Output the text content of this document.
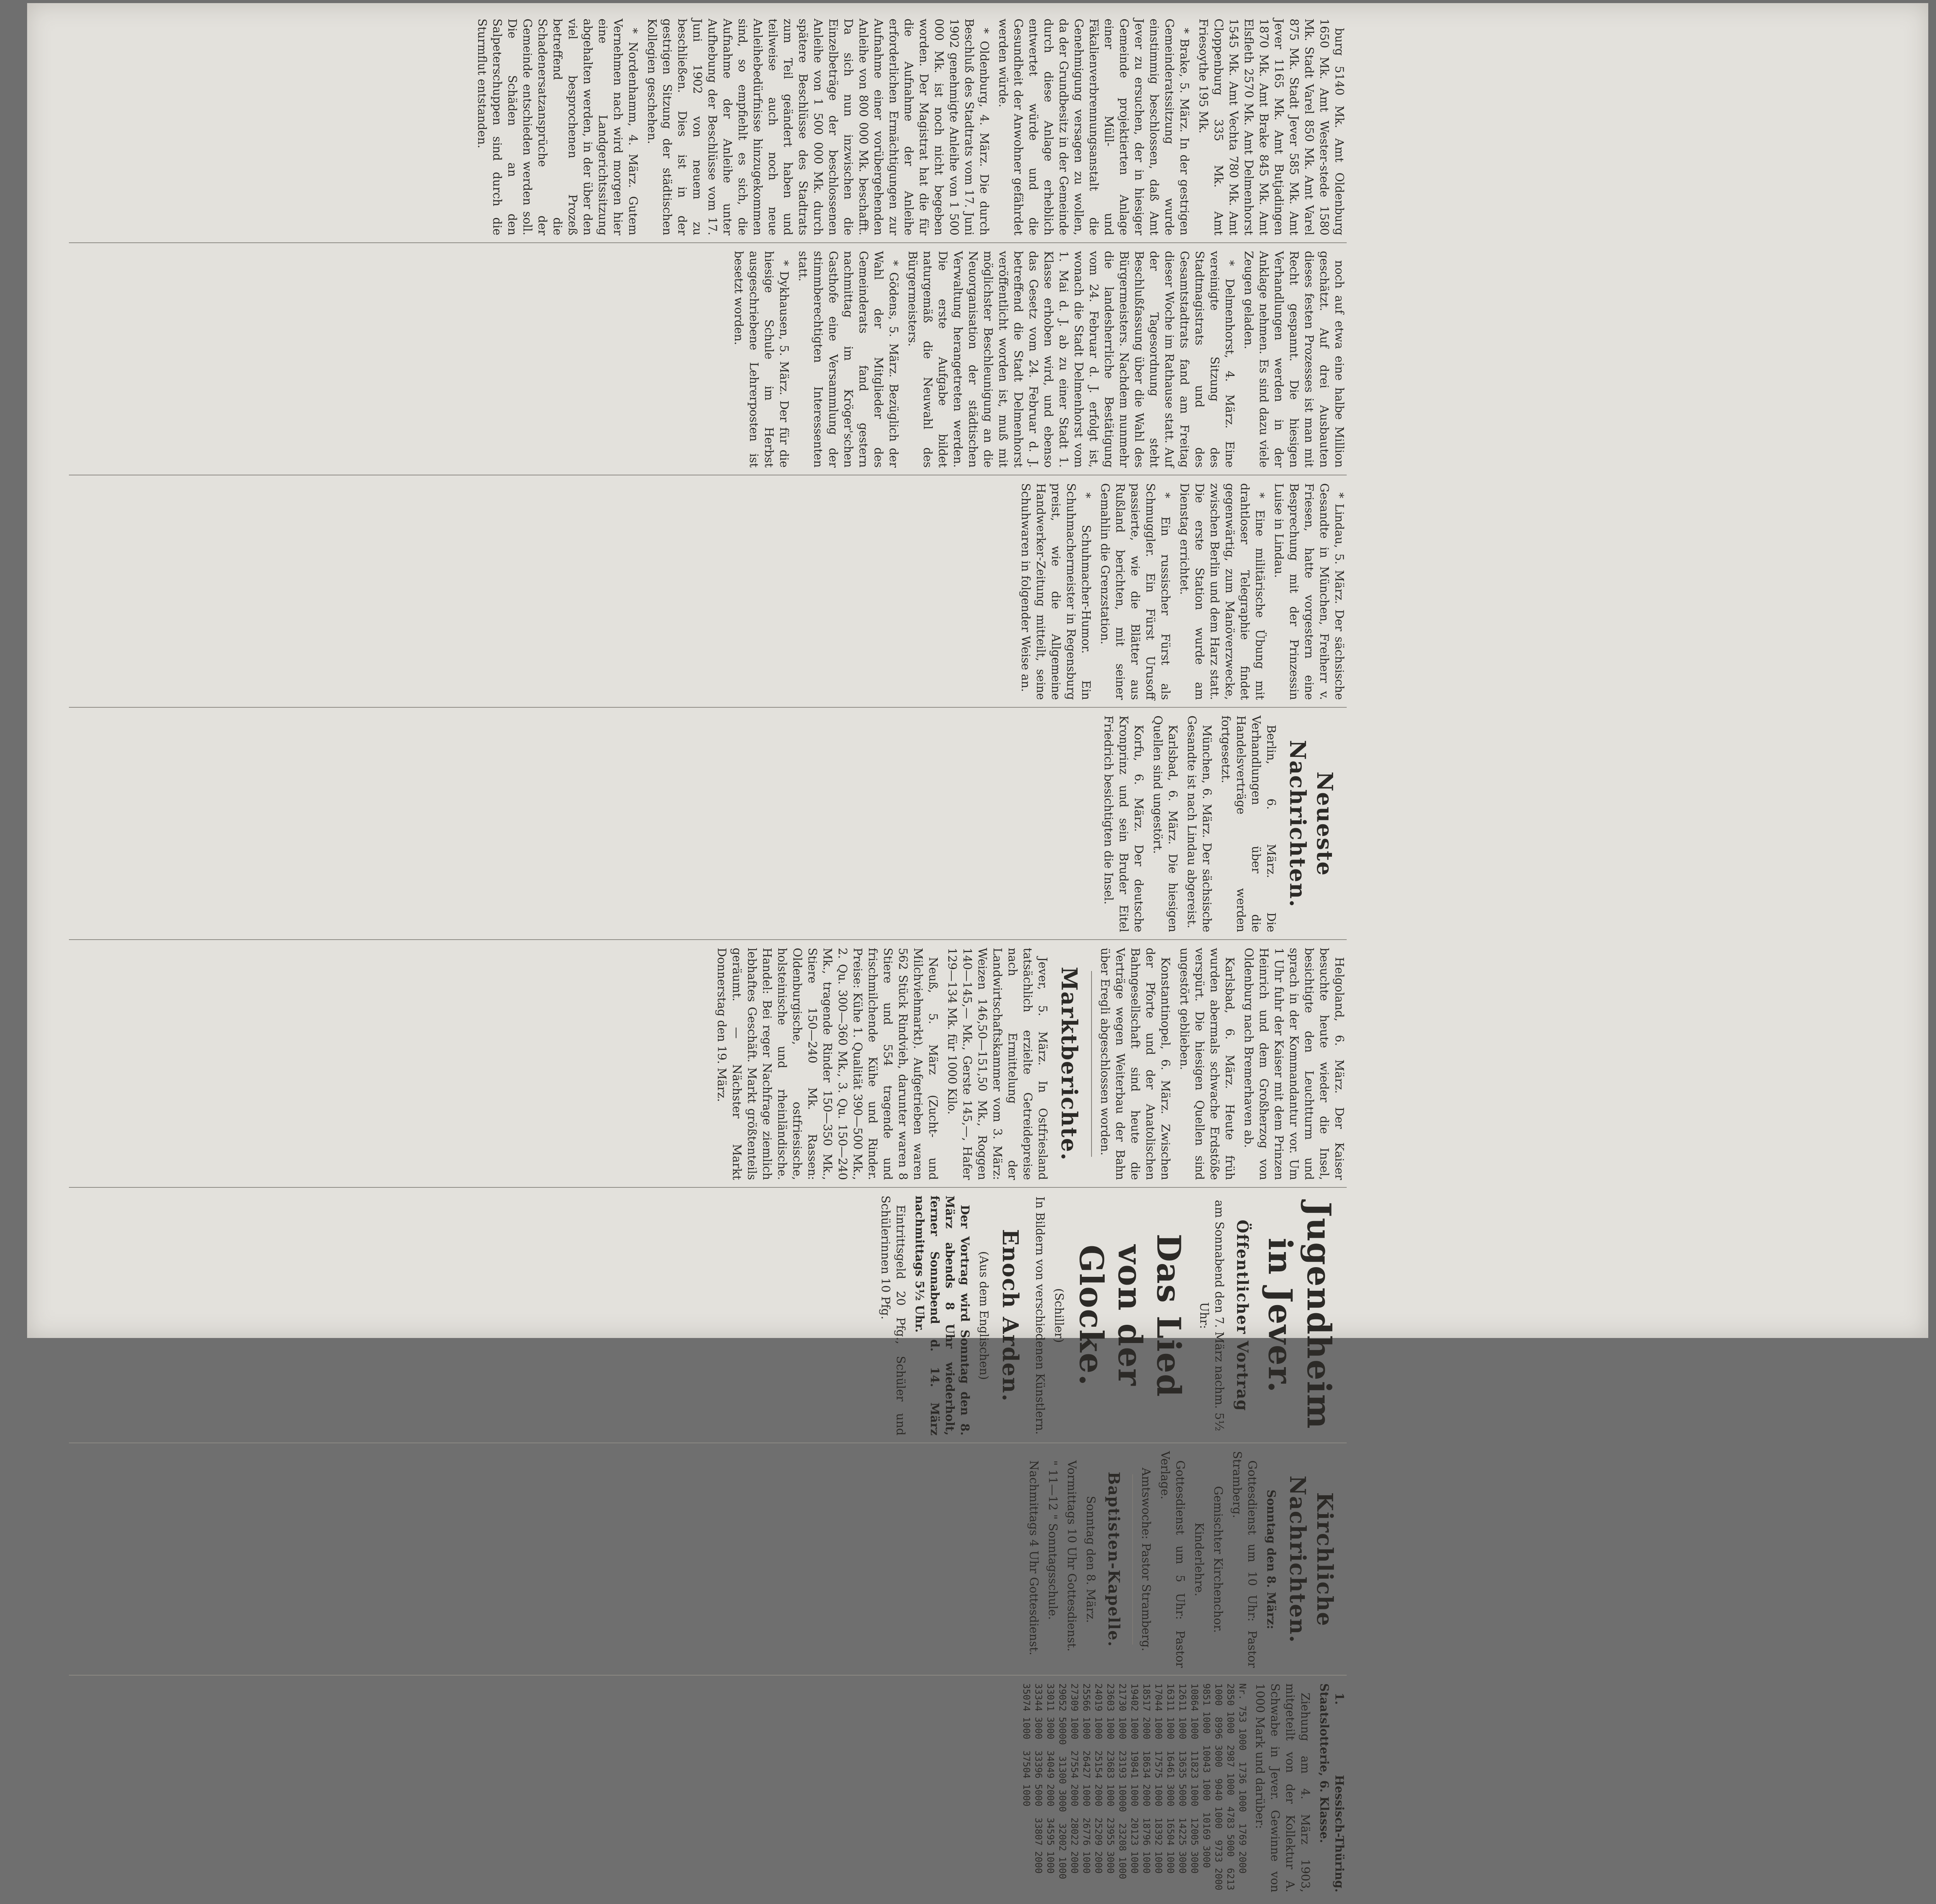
burg 5140 Mk. Amt Oldenburg 1650 Mk. Amt Wester-stede 1580 Mk. Stadt Varel 850 Mk. Amt Varel 875 Mk. Stadt Jever 585 Mk. Amt Jever 1165 Mk. Amt Butjadingen 1870 Mk. Amt Brake 845 Mk. Amt Elsfleth 2570 Mk. Amt Delmenhorst 1545 Mk. Amt Vechta 780 Mk. Amt Cloppenburg 335 Mk. Amt Friesoythe 195 Mk.

* Brake, 5. März. In der gestrigen Gemeinderatssitzung wurde einstimmig beschlossen, daß Amt Jever zu ersuchen, der in hiesiger Gemeinde projektierten Anlage einer Müll- und Fäkalienverbrennungsanstalt die Genehmigung versagen zu wollen, da der Grundbesitz in der Gemeinde durch diese Anlage erheblich entwertet würde und die Gesundheit der Anwohner gefährdet werden würde.

* Oldenburg, 4. März. Die durch Beschluß des Stadtrats vom 17. Juni 1902 genehmigte Anleihe von 1 500 000 Mk. ist noch nicht begeben worden. Der Magistrat hat die für die Aufnahme der Anleihe erforderlichen Ermächtigungen zur Aufnahme einer vorübergehenden Anleihe von 800 000 Mk. beschafft. Da sich nun inzwischen die Einzelbeträge der beschlossenen Anleihe von 1 500 000 Mk. durch spätere Beschlüsse des Stadtrats zum Teil geändert haben und teilweise auch noch neue Anleihebedürfnisse hinzugekommen sind, so empfiehlt es sich, die Aufnahme der Anleihe unter Aufhebung der Beschlüsse vom 17. Juni 1902 von neuem zu beschließen. Dies ist in der gestrigen Sitzung der städtischen Kollegien geschehen.

* Nordenhamm, 4. März. Gutem Vernehmen nach wird morgen hier eine Landgerichtssitzung abgehalten werden, in der über den viel besprochenen Prozeß betreffend die Schadenersatzansprüche der Gemeinde entschieden werden soll. Die Schäden an den Salpeterschuppen sind durch die Sturmflut entstanden.

noch auf etwa eine halbe Million geschätzt. Auf drei Ausbauten dieses festen Prozesses ist man mit Recht gespannt. Die hiesigen Verhandlungen werden in der Anklage nehmen. Es sind dazu viele Zeugen geladen.

* Delmenhorst, 4. März. Eine vereinigte Sitzung des Stadtmagistrats und des Gesamtstadtrats fand am Freitag dieser Woche im Rathause statt. Auf der Tagesordnung steht Beschlußfassung über die Wahl des Bürgermeisters. Nachdem nunmehr die landesherrliche Bestätigung vom 24. Februar d. J. erfolgt ist, wonach die Stadt Delmenhorst vom 1. Mai d. J. ab zu einer Stadt 1. Klasse erhoben wird, und ebenso das Gesetz vom 24. Februar d. J. betreffend die Stadt Delmenhorst veröffentlicht worden ist, muß mit möglichster Beschleunigung an die Neuorganisation der städtischen Verwaltung herangetreten werden. Die erste Aufgabe bildet naturgemäß die Neuwahl des Bürgermeisters.

* Gödens, 5. März. Bezüglich der Wahl der Mitglieder des Gemeinderats fand gestern nachmittag im Kröger'schen Gasthofe eine Versammlung der stimmberechtigten Interessenten statt.

* Dykhausen, 5. März. Der für die hiesige Schule im Herbst ausgeschriebene Lehrerposten ist besetzt worden.

* Lindau, 5. März. Der sächsische Gesandte in München, Freiherr v. Friesen, hatte vorgestern eine Besprechung mit der Prinzessin Luise in Lindau.

* Eine militärische Übung mit drahtloser Telegraphie findet gegenwärtig, zum Manöverzwecke, zwischen Berlin und dem Harz statt. Die erste Station wurde am Dienstag errichtet.

* Ein russischer Fürst als Schmuggler. Ein Fürst Urusoff passierte, wie die Blätter aus Rußland berichten, mit seiner Gemahlin die Grenzstation.

* Schuhmacher-Humor. Ein Schuhmachermeister in Regensburg preist, wie die Allgemeine Handwerker-Zeitung mitteilt, seine Schuhwaren in folgender Weise an.

Neueste Nachrichten.

Berlin, 6. März. Die Verhandlungen über die Handelsverträge werden fortgesetzt.

München, 6. März. Der sächsische Gesandte ist nach Lindau abgereist.

Karlsbad, 6. März. Die hiesigen Quellen sind ungestört.

Korfu, 6. März. Der deutsche Kronprinz und sein Bruder Eitel Friedrich besichtigten die Insel.

Helgoland, 6. März. Der Kaiser besuchte heute wieder die Insel, besichtigte den Leuchtturm und sprach in der Kommandantur vor. Um 1 Uhr fuhr der Kaiser mit dem Prinzen Heinrich und dem Großherzog von Oldenburg nach Bremerhaven ab.

Karlsbad, 6. März. Heute früh wurden abermals schwache Erdstöße verspürt. Die hiesigen Quellen sind ungestört geblieben.

Konstantinopel, 6. März. Zwischen der Pforte und der Anatolischen Bahngesellschaft sind heute die Verträge wegen Weiterbau der Bahn über Eregli abgeschlossen worden.

Marktberichte.

Jever, 5. März. In Ostfriesland tatsächlich erzielte Getreidepreise nach Ermittelung der Landwirtschaftskammer vom 3. März: Weizen 146,50—151,50 Mk., Roggen 140—145,— Mk., Gerste 145,—, Hafer 129—134 Mk. für 1000 Kilo.

Neuß, 5. März (Zucht- und Milchviehmarkt). Aufgetrieben waren 562 Stück Rindvieh, darunter waren 8 Stiere und 554 tragende und frischmilchende Kühe und Rinder. Preise: Kühe 1. Qualität 390—500 Mk., 2. Qu. 300—360 Mk., 3. Qu. 150—240 Mk., tragende Rinder 150—350 Mk., Stiere 150—240 Mk. Rassen: Oldenburgische, ostfriesische, holsteinische und rheinländische. Handel: Bei reger Nachfrage ziemlich lebhaftes Geschäft. Markt größtenteils geräumt. — Nächster Markt Donnerstag den 19. März.

Jugendheim in Jever.
Öffentlicher Vortrag

am Sonnabend den 7. März nachm. 5½ Uhr:

Das Lied von der Glocke.

(Schiller)

In Bildern von verschiedenen Künstlern.

Enoch Arden.

(Aus dem Englischen)

Der Vortrag wird Sonntag den 8. März abends 8 Uhr wiederholt, ferner Sonnabend d. 14. März nachmittags 5½ Uhr.

Eintrittsgeld 20 Pfg., Schüler und Schülerinnen 10 Pfg.

Kirchliche Nachrichten.

Sonntag den 8. März:

Gottesdienst um 10 Uhr: Pastor Stramberg.

Gemischter Kirchenchor.

Kinderlehre.

Gottesdienst um 5 Uhr: Pastor Verlage.

Amtswoche: Pastor Stramberg.

Baptisten-Kapelle.

Sonntag den 8. März.

Vormittags 10 Uhr Gottesdienst.

" 11—12 " Sonntagsschule.

Nachmittags 4 Uhr Gottesdienst.

1. Hessisch-Thüring. Staatslotterie, 6. Klasse.

Ziehung am 4. März 1903, mitgeteilt von der Kollektur A. Schwabe in Jever. Gewinne von 1000 Mark und darüber:

Nr. 753 1000  1736 1000  1769 2000  2850 1000  2987 1000  4783 5000  6213 1000  8996 3000  9040 1000  9733 2000  9851 1000  10043 1000  10169 3000  10864 1000  11823 1000  12005 3000  12611 1000  13635 5000  14225 3000  16311 1000  16461 3000  16504 1000  17044 1000  17575 1000  18392 1000  18517 2000  18634 2000  18796 1000  19402 1000  19841 1000  20123 1000  21730 1000  23193 10000  23208 1000  23603 1000  23683 1000  23955 3000  24019 1000  25154 2000  25209 2000  25566 1000  26427 1000  26776 1000  27309 1000  27554 2000  28022 2000  29052 50000  31300 3000  32002 1000  33011 3000  34049 2000  34595 1000  33344 3000  33396 5000  33807 2000  35074 1000  37504 1000
